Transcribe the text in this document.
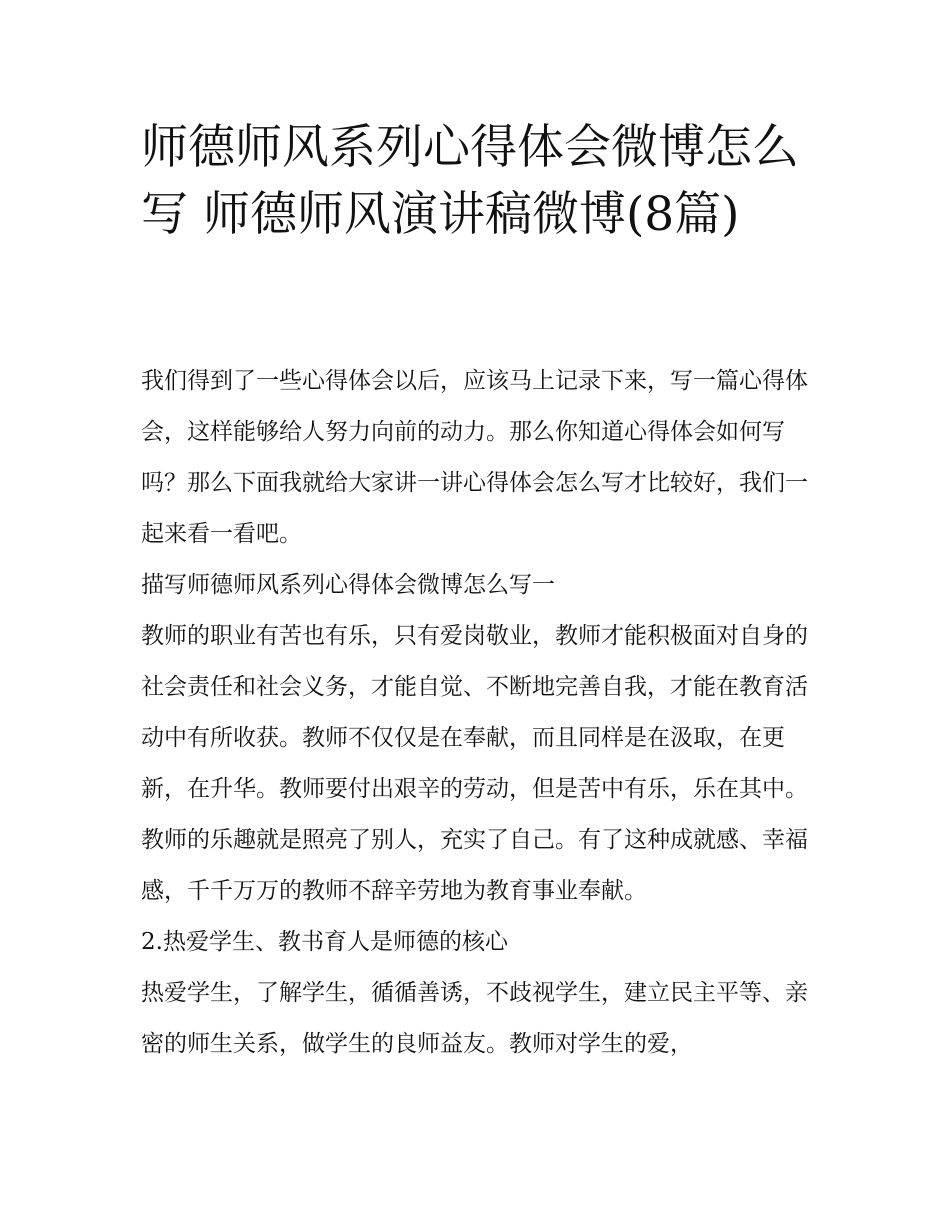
师德师风系列心得体会微博怎么写 师德师风演讲稿微博(8篇)

我们得到了一些心得体会以后，应该马上记录下来，写一篇心得体会，这样能够给人努力向前的动力。那么你知道心得体会如何写吗？那么下面我就给大家讲一讲心得体会怎么写才比较好，我们一起来看一看吧。

描写师德师风系列心得体会微博怎么写一

教师的职业有苦也有乐，只有爱岗敬业，教师才能积极面对自身的社会责任和社会义务，才能自觉、不断地完善自我，才能在教育活动中有所收获。教师不仅仅是在奉献，而且同样是在汲取，在更新，在升华。教师要付出艰辛的劳动，但是苦中有乐，乐在其中。教师的乐趣就是照亮了别人，充实了自己。有了这种成就感、幸福感，千千万万的教师不辞辛劳地为教育事业奉献。

2.热爱学生、教书育人是师德的核心

热爱学生，了解学生，循循善诱，不歧视学生，建立民主平等、亲密的师生关系，做学生的良师益友。教师对学生的爱，
